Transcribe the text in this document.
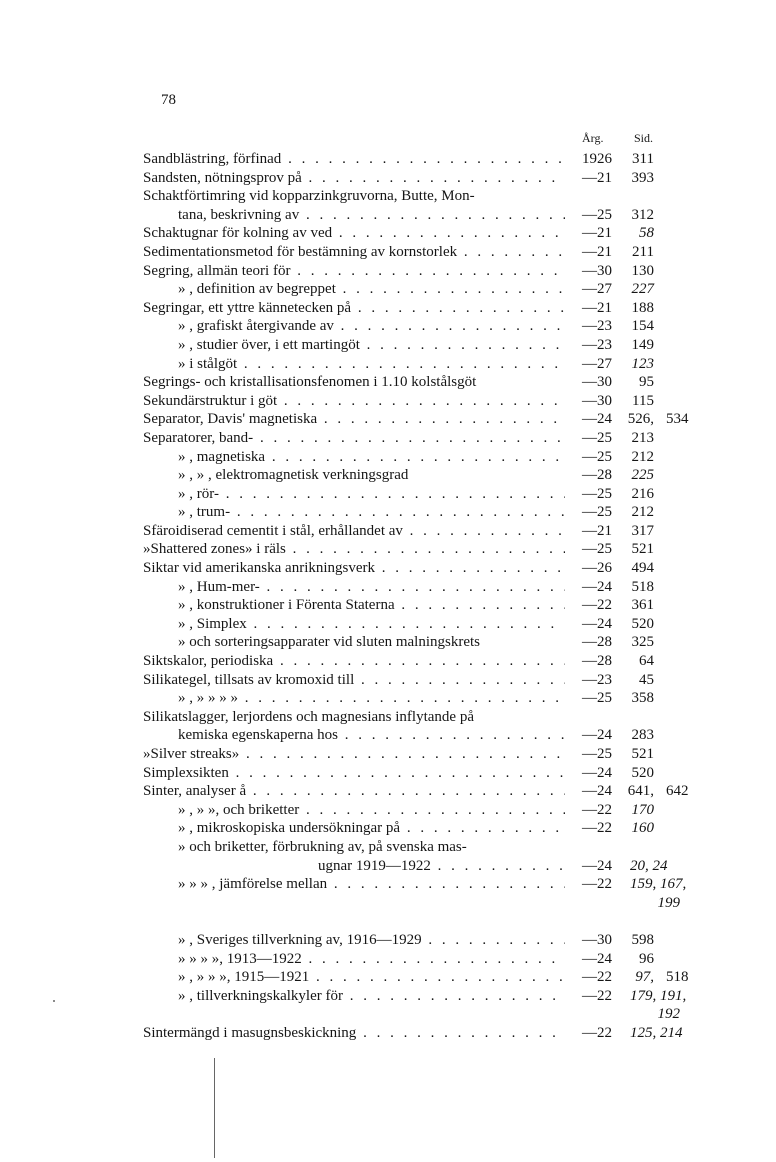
78
Årg.	Sid.
Sandblästring, förfinad . . .	1926	311
Sandsten, nötningsprov på . . .	—21	393
Schaktförtimring vid kopparzinkgruvorna, Butte, Mon-
tana, beskrivning av . . .	—25	312
Schaktugnar för kolning av ved . . .	—21	58
Sedimentationsmetod för bestämning av kornstorlek . . .	—21	211
Segring, allmän teori för . . .	—30	130
» , definition av begreppet . . .	—27	227
Segringar, ett yttre kännetecken på . . .	—21	188
» , grafiskt återgivande av . . .	—23	154
» , studier över, i ett martingöt . . .	—23	149
» i stålgöt . . .	—27	123
Segrings- och kristallisationsfenomen i 1.10 kolstålsgöt	—30	95
Sekundärstruktur i göt . . .	—30	115
Separator, Davis' magnetiska . . .	—24	526, 534
Separatorer, band- . . .	—25	213
» , magnetiska . . .	—25	212
» , » , elektromagnetisk verkningsgrad	—28	225
» , rör- . . .	—25	216
» , trum- . . .	—25	212
Sfäroidiserad cementit i stål, erhållandet av . . .	—21	317
»Shattered zones» i räls . . .	—25	521
Siktar vid amerikanska anrikningsverk . . .	—26	494
» , Hum-mer- . . .	—24	518
» , konstruktioner i Förenta Staterna . . .	—22	361
» , Simplex . . .	—24	520
» och sorteringsapparater vid sluten malningskrets	—28	325
Siktskalor, periodiska . . .	—28	64
Silikategel, tillsats av kromoxid till . . .	—23	45
» , » » » » . . .	—25	358
Silikatslagger, lerjordens och magnesians inflytande på
kemiska egenskaperna hos . . .	—24	283
»Silver streaks» . . .	—25	521
Simplexsikten . . .	—24	520
Sinter, analyser å . . .	—24	641, 642
» , » », och briketter . . .	—22	170
» , mikroskopiska undersökningar på . . .	—22	160
» och briketter, förbrukning av, på svenska mas-
ugnar 1919—1922 . . .	—24	20, 24
» » » , jämförelse mellan . . .	—22	159, 167,
199
» , Sveriges tillverkning av, 1916—1929 . . .	—30	598
» » » », 1913—1922 . . .	—24	96
» , » » », 1915—1921 . . .	—22	97, 518
» , tillverkningskalkyler för . . .	—22	179, 191,
192
Sintermängd i masugnsbeskickning . . .	—22	125, 214
